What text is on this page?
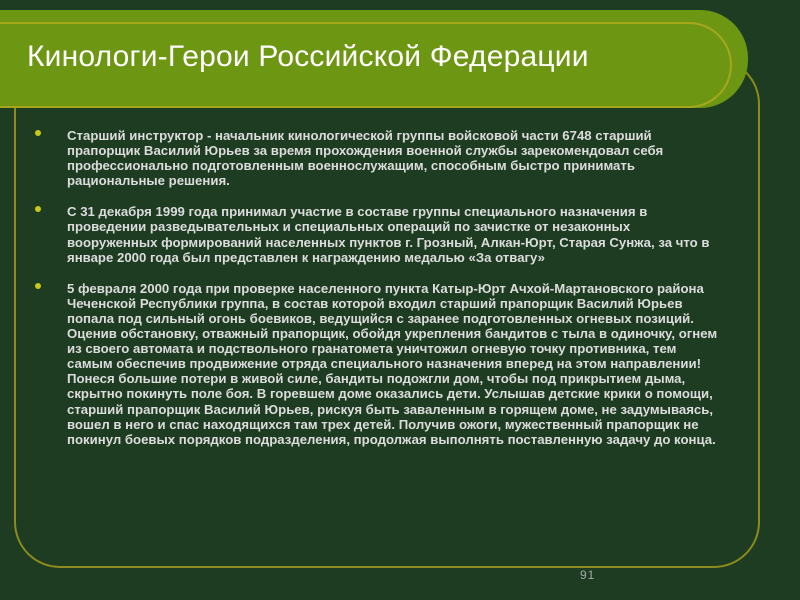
Кинологи-Герои Российской Федерации
Старший инструктор - начальник кинологической группы войсковой части 6748 старший прапорщик Василий Юрьев за время прохождения военной службы зарекомендовал себя профессионально подготовленным военнослужащим, способным быстро принимать рациональные решения.
С 31 декабря 1999 года принимал участие в составе группы специального назначения в проведении разведывательных и специальных операций по зачистке от незаконных вооруженных формирований населенных пунктов г. Грозный, Алкан-Юрт, Старая Сунжа, за что в январе 2000 года был представлен к награждению медалью «За отвагу»
5 февраля 2000 года при проверке населенного пункта Катыр-Юрт Ачхой-Мартановского района Чеченской Республики группа, в состав которой входил старший прапорщик Василий Юрьев попала под сильный огонь боевиков, ведущийся с заранее подготовленных огневых позиций. Оценив обстановку, отважный прапорщик, обойдя укрепления бандитов с тыла в одиночку, огнем из своего автомата и подствольного гранатомета уничтожил огневую точку противника, тем самым обеспечив продвижение отряда специального назначения вперед на этом направлении! Понеся большие потери в живой силе, бандиты подожгли дом, чтобы под прикрытием дыма, скрытно покинуть поле боя. В горевшем доме оказались дети. Услышав детские крики о помощи, старший прапорщик Василий Юрьев, рискуя быть заваленным в горящем доме, не задумываясь, вошел в него и спас находящихся там трех детей. Получив ожоги, мужественный прапорщик не покинул боевых порядков подразделения, продолжая выполнять поставленную задачу до конца.
91
